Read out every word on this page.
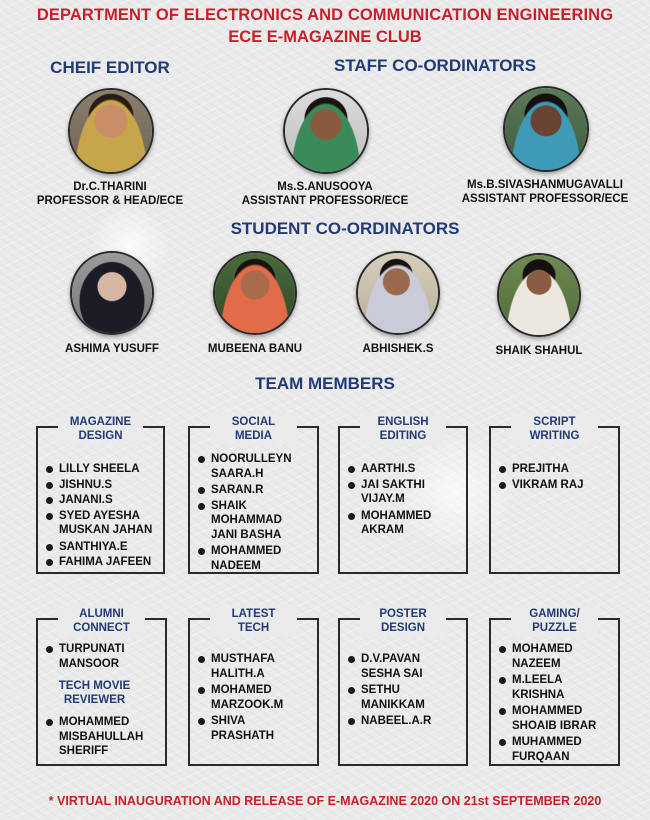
DEPARTMENT OF ELECTRONICS AND COMMUNICATION ENGINEERING
ECE E-MAGAZINE CLUB
CHEIF EDITOR	STAFF CO-ORDINATORS
Dr.C.THARINI
PROFESSOR & HEAD/ECE
Ms.S.ANUSOOYA
ASSISTANT PROFESSOR/ECE
Ms.B.SIVASHANMUGAVALLI
ASSISTANT PROFESSOR/ECE
STUDENT CO-ORDINATORS
ASHIMA YUSUFF	MUBEENA BANU	ABHISHEK.S	SHAIK SHAHUL
TEAM MEMBERS
MAGAZINE
DESIGN
LILLY SHEELA
JISHNU.S
JANANI.S
SYED AYESHA
MUSKAN JAHAN
SANTHIYA.E
FAHIMA JAFEEN
SOCIAL
MEDIA
NOORULLEYN
SAARA.H
SARAN.R
SHAIK
MOHAMMAD
JANI BASHA
MOHAMMED
NADEEM
ENGLISH
EDITING
AARTHI.S
JAI SAKTHI
VIJAY.M
MOHAMMED
AKRAM
SCRIPT
WRITING
PREJITHA
VIKRAM RAJ
ALUMNI
CONNECT
TURPUNATI
MANSOOR
TECH MOVIE
REVIEWER
MOHAMMED
MISBAHULLAH
SHERIFF
LATEST
TECH
MUSTHAFA
HALITH.A
MOHAMED
MARZOOK.M
SHIVA
PRASHATH
POSTER
DESIGN
D.V.PAVAN
SESHA SAI
SETHU
MANIKKAM
NABEEL.A.R
GAMING/
PUZZLE
MOHAMED
NAZEEM
M.LEELA
KRISHNA
MOHAMMED
SHOAIB IBRAR
MUHAMMED
FURQAAN
* VIRTUAL INAUGURATION AND RELEASE OF E-MAGAZINE 2020 ON 21st SEPTEMBER 2020
